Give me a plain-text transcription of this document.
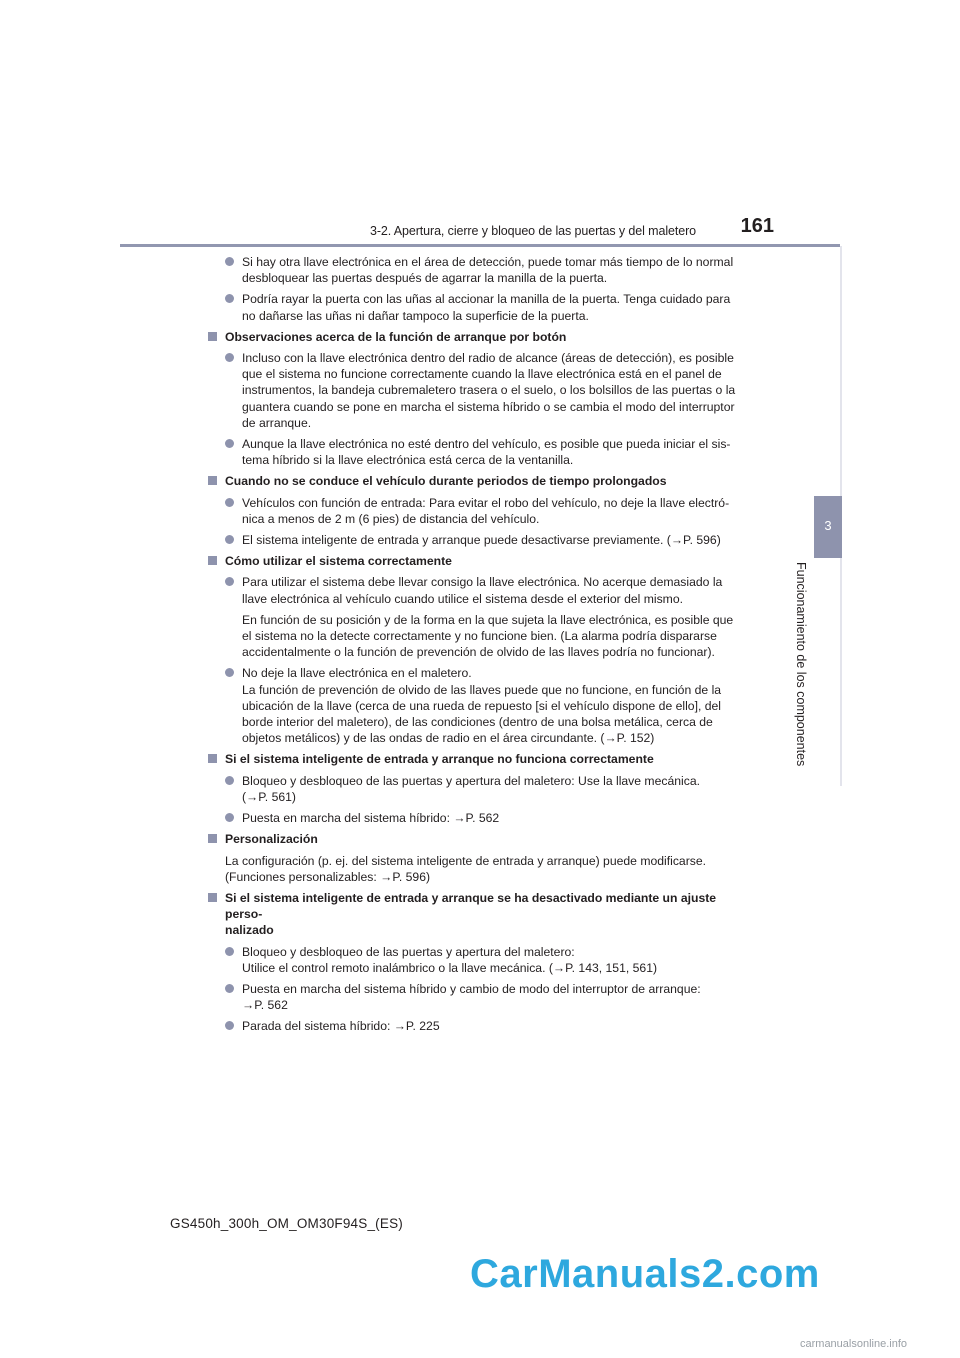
3-2. Apertura, cierre y bloqueo de las puertas y del maletero 161
3
Funcionamiento de los componentes
Si hay otra llave electrónica en el área de detección, puede tomar más tiempo de lo normal
desbloquear las puertas después de agarrar la manilla de la puerta.
Podría rayar la puerta con las uñas al accionar la manilla de la puerta. Tenga cuidado para
no dañarse las uñas ni dañar tampoco la superficie de la puerta.
Observaciones acerca de la función de arranque por botón
Incluso con la llave electrónica dentro del radio de alcance (áreas de detección), es posible
que el sistema no funcione correctamente cuando la llave electrónica está en el panel de
instrumentos, la bandeja cubremaletero trasera o el suelo, o los bolsillos de las puertas o la
guantera cuando se pone en marcha el sistema híbrido o se cambia el modo del interruptor
de arranque.
Aunque la llave electrónica no esté dentro del vehículo, es posible que pueda iniciar el sis-
tema híbrido si la llave electrónica está cerca de la ventanilla.
Cuando no se conduce el vehículo durante periodos de tiempo prolongados
Vehículos con función de entrada: Para evitar el robo del vehículo, no deje la llave electró-
nica a menos de 2 m (6 pies) de distancia del vehículo.
El sistema inteligente de entrada y arranque puede desactivarse previamente. (→P. 596)
Cómo utilizar el sistema correctamente
Para utilizar el sistema debe llevar consigo la llave electrónica. No acerque demasiado la
llave electrónica al vehículo cuando utilice el sistema desde el exterior del mismo.
En función de su posición y de la forma en la que sujeta la llave electrónica, es posible que
el sistema no la detecte correctamente y no funcione bien. (La alarma podría dispararse
accidentalmente o la función de prevención de olvido de las llaves podría no funcionar).
No deje la llave electrónica en el maletero.
La función de prevención de olvido de las llaves puede que no funcione, en función de la
ubicación de la llave (cerca de una rueda de repuesto [si el vehículo dispone de ello], del
borde interior del maletero), de las condiciones (dentro de una bolsa metálica, cerca de
objetos metálicos) y de las ondas de radio en el área circundante. (→P. 152)
Si el sistema inteligente de entrada y arranque no funciona correctamente
Bloqueo y desbloqueo de las puertas y apertura del maletero: Use la llave mecánica.
(→P. 561)
Puesta en marcha del sistema híbrido: →P. 562
Personalización
La configuración (p. ej. del sistema inteligente de entrada y arranque) puede modificarse.
(Funciones personalizables: →P. 596)
Si el sistema inteligente de entrada y arranque se ha desactivado mediante un ajuste perso-
nalizado
Bloqueo y desbloqueo de las puertas y apertura del maletero:
Utilice el control remoto inalámbrico o la llave mecánica. (→P. 143, 151, 561)
Puesta en marcha del sistema híbrido y cambio de modo del interruptor de arranque:
→P. 562
Parada del sistema híbrido: →P. 225
GS450h_300h_OM_OM30F94S_(ES)
CarManuals2.com
carmanualsonline.info
